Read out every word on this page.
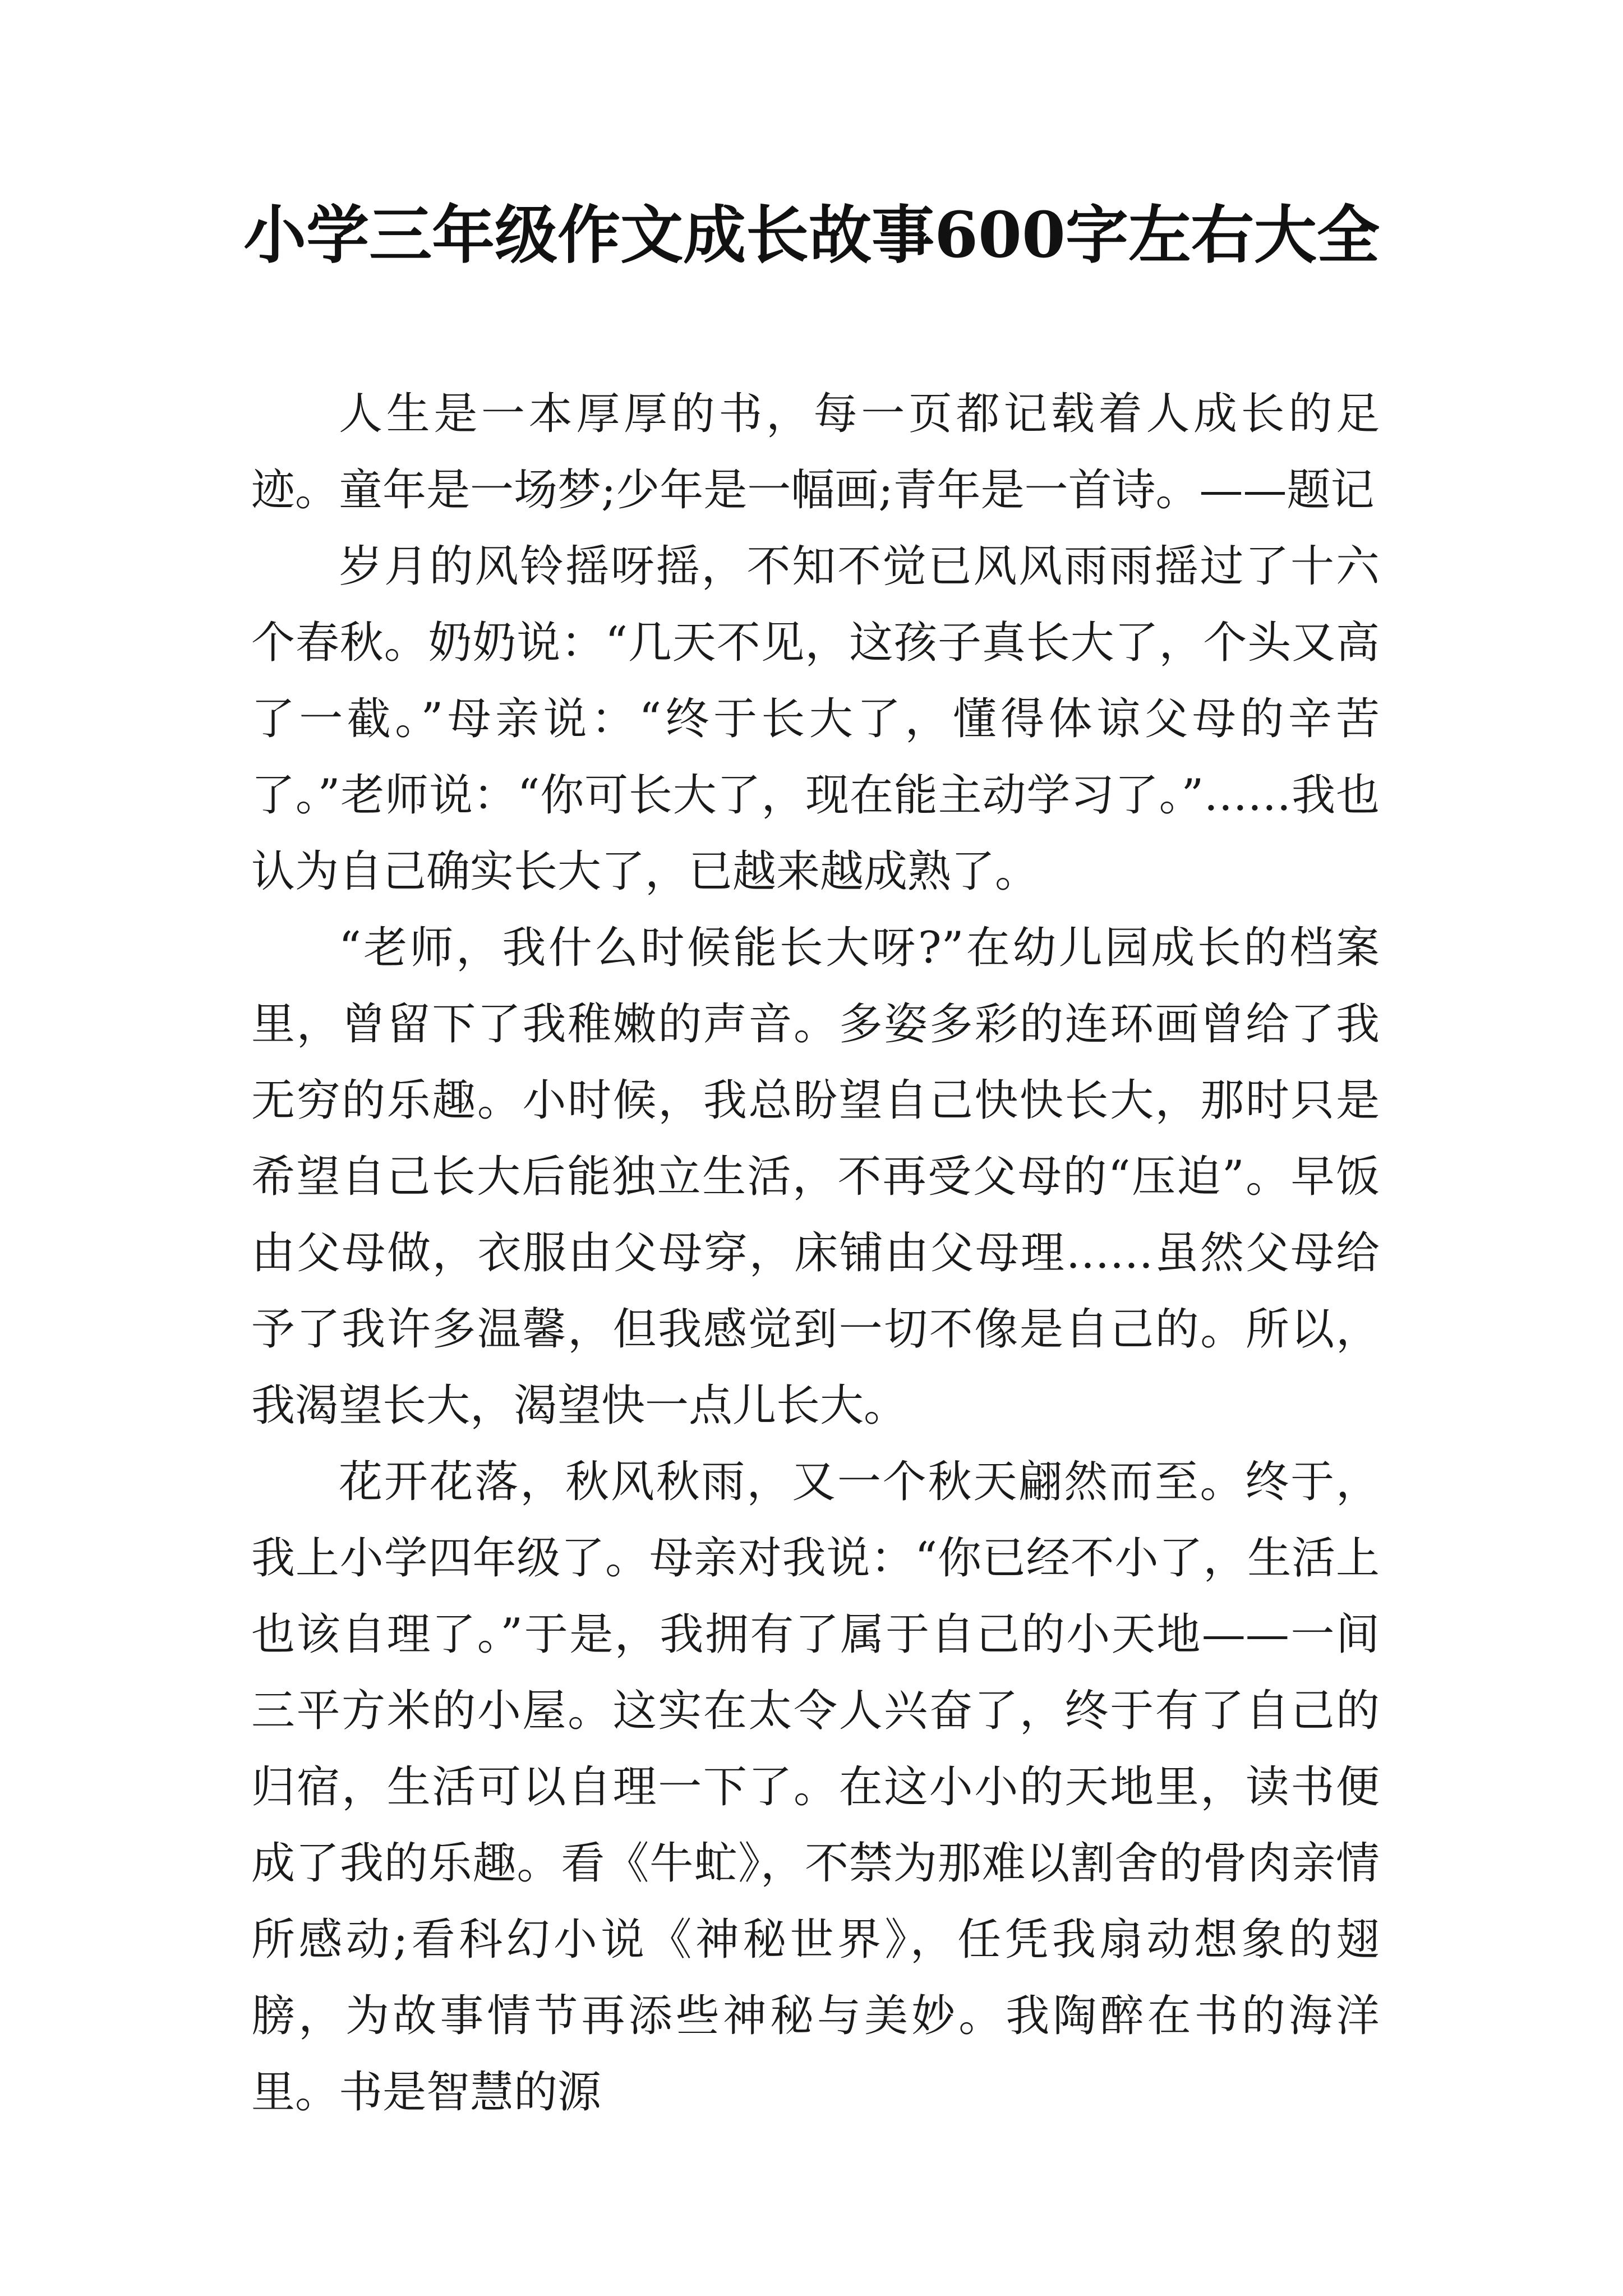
小学三年级作文成长故事600字左右大全

人生是一本厚厚的书，每一页都记载着人成长的足迹。童年是一场梦;少年是一幅画;青年是一首诗。——题记

岁月的风铃摇呀摇，不知不觉已风风雨雨摇过了十六个春秋。奶奶说：“几天不见，这孩子真长大了，个头又高了一截。”母亲说：“终于长大了，懂得体谅父母的辛苦了。”老师说：“你可长大了，现在能主动学习了。”……我也认为自己确实长大了，已越来越成熟了。

“老师，我什么时候能长大呀?”在幼儿园成长的档案里，曾留下了我稚嫩的声音。多姿多彩的连环画曾给了我无穷的乐趣。小时候，我总盼望自己快快长大，那时只是希望自己长大后能独立生活，不再受父母的“压迫”。早饭由父母做，衣服由父母穿，床铺由父母理……虽然父母给予了我许多温馨，但我感觉到一切不像是自己的。所以，我渴望长大，渴望快一点儿长大。

花开花落，秋风秋雨，又一个秋天翩然而至。终于，我上小学四年级了。母亲对我说：“你已经不小了，生活上也该自理了。”于是，我拥有了属于自己的小天地——一间三平方米的小屋。这实在太令人兴奋了，终于有了自己的归宿，生活可以自理一下了。在这小小的天地里，读书便成了我的乐趣。看《牛虻》，不禁为那难以割舍的骨肉亲情所感动;看科幻小说《神秘世界》，任凭我扇动想象的翅膀，为故事情节再添些神秘与美妙。我陶醉在书的海洋里。书是智慧的源
